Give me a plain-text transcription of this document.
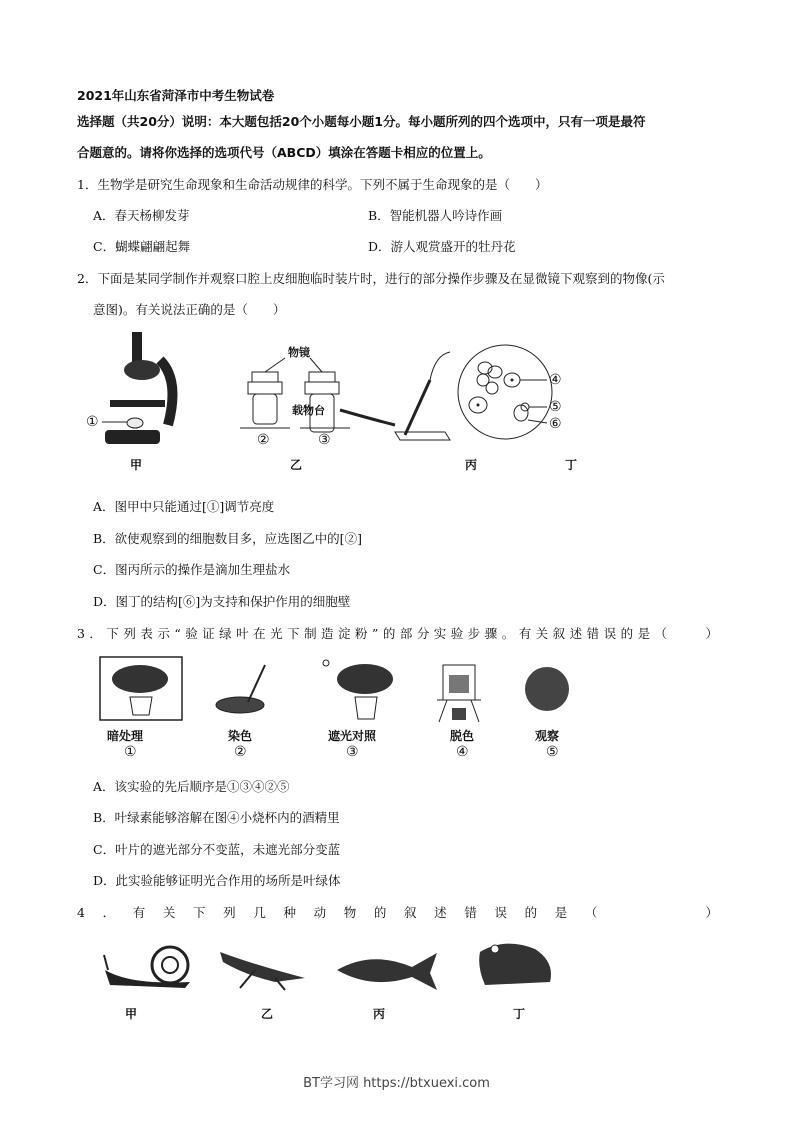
2021年山东省菏泽市中考生物试卷
选择题（共20分）说明：本大题包括20个小题每小题1分。每小题所列的四个选项中，只有一项是最符
合题意的。请将你选择的选项代号（ABCD）填涂在答题卡相应的位置上。
1．生物学是研究生命现象和生命活动规律的科学。下列不属于生命现象的是（　　）
A．春天杨柳发芽	B．智能机器人吟诗作画
C．蝴蝶翩翩起舞	D．游人观赏盛开的牡丹花
2．下面是某同学制作并观察口腔上皮细胞临时装片时，进行的部分操作步骤及在显微镜下观察到的物像(示
意图)。有关说法正确的是（　　）
①
甲
物镜
载物台
②	③
乙	丙
④
⑤
⑥
丁
A．图甲中只能通过[①]调节亮度
B．欲使观察到的细胞数目多，应选图乙中的[②]
C．图丙所示的操作是滴加生理盐水
D．图丁的结构[⑥]为支持和保护作用的细胞壁
3．下列表示“验证绿叶在光下制造淀粉”的部分实验步骤。有关叙述错误的是（　　）
暗处理	染色	遮光对照	脱色	观察
①	②	③	④	⑤
A．该实验的先后顺序是①③④②⑤
B．叶绿素能够溶解在图④小烧杯内的酒精里
C．叶片的遮光部分不变蓝，未遮光部分变蓝
D．此实验能够证明光合作用的场所是叶绿体
4．有关下列几种动物的叙述错误的是（　　　）
甲	乙	丙	丁
BT学习网 https://btxuexi.com
